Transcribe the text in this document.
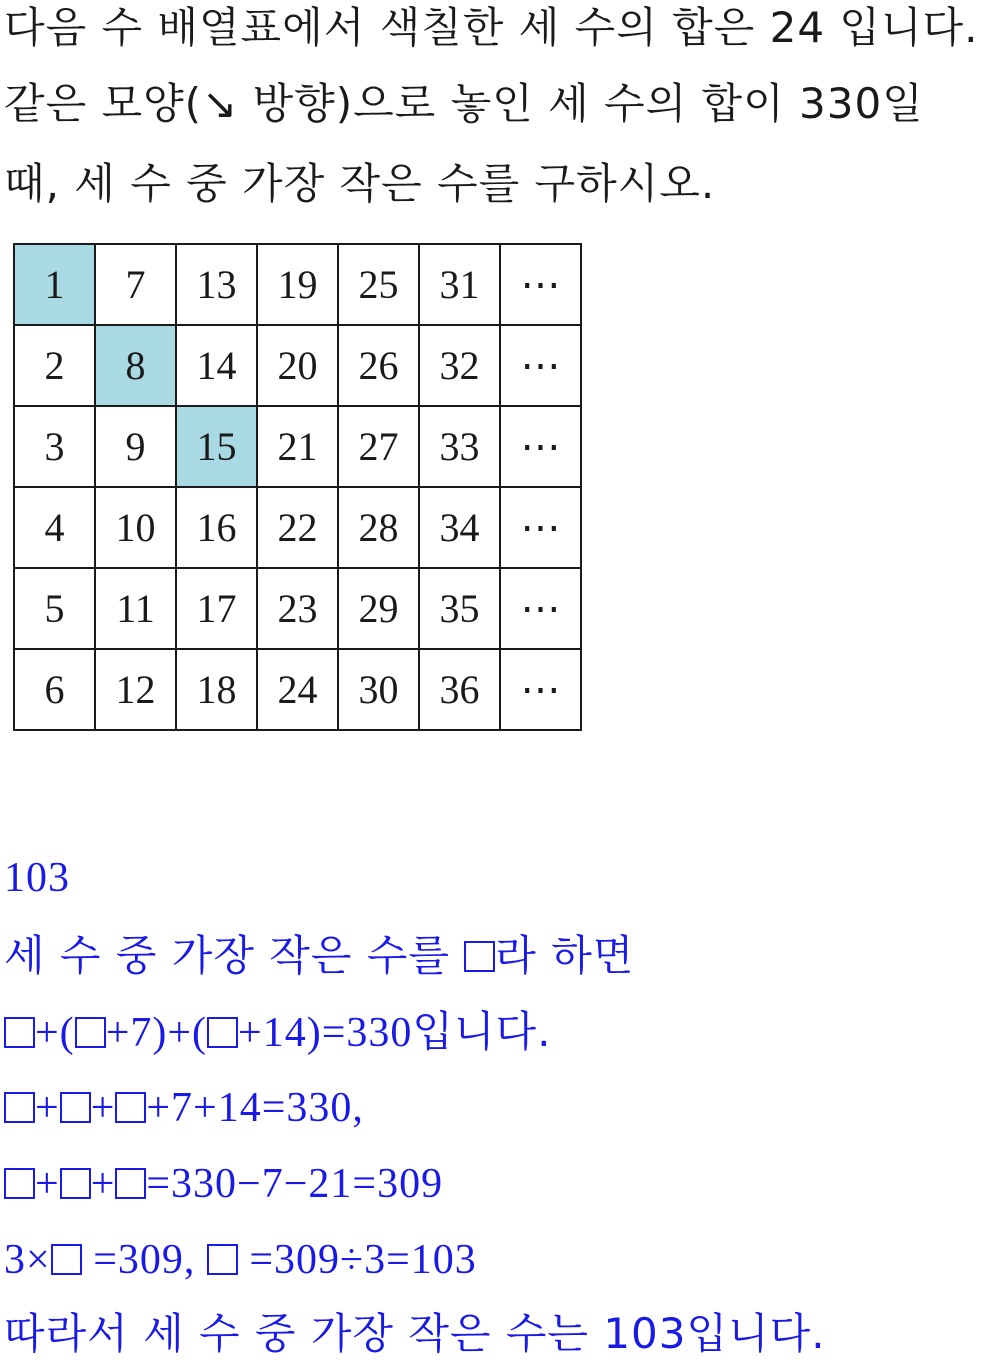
다음 수 배열표에서 색칠한 세 수의 합은 24 입니다.
같은 모양(↘ 방향)으로 놓인 세 수의 합이 330일
때, 세 수 중 가장 작은 수를 구하시오.
1	7	13	19	25	31	⋯
2	8	14	20	26	32	⋯
3	9	15	21	27	33	⋯
4	10	16	22	28	34	⋯
5	11	17	23	29	35	⋯
6	12	18	24	30	36	⋯
103
세 수 중 가장 작은 수를 라 하면
+( +7)+( +14)=330입니다.
+ + +7+14=330,
+ + =330−7−21=309
3× =309,  =309÷3=103
따라서 세 수 중 가장 작은 수는 103입니다.
